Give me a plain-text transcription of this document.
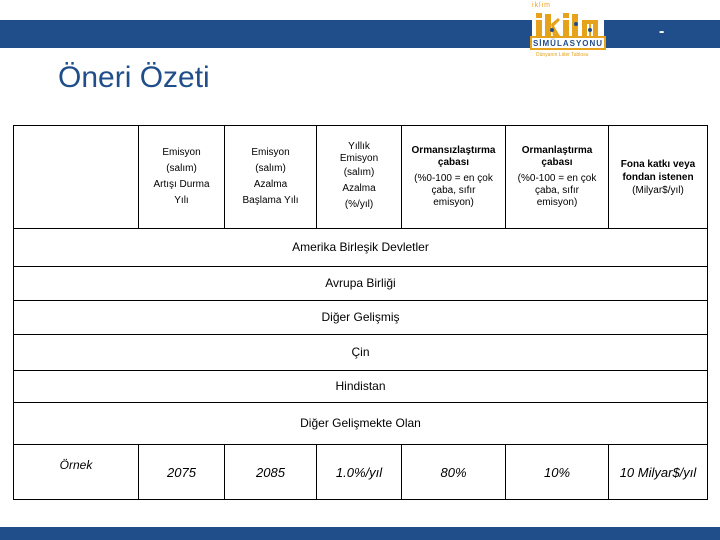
-
iklim
SİMÜLASYONU
Dünyanın Lider Tablosu
Öneri Özeti

	Emisyon
(salım)
Artışı Durma
Yılı	Emisyon
(salım)
Azalma
Başlama Yılı	Yıllık
Emisyon
(salım)
Azalma
(%/yıl)	Ormansızlaştırma
çabası
(%0-100 = en çok
çaba, sıfır
emisyon)	Ormanlaştırma
çabası
(%0-100 = en çok
çaba, sıfır
emisyon)	Fona katkı veya
fondan istenen
(Milyar$/yıl)

Amerika Birleşik Devletler						
Avrupa Birliği						
Diğer Gelişmiş						
Çin						
Hindistan						
Diğer Gelişmekte Olan						
Örnek	2075	2085	1.0%/yıl	80%	10%	10 Milyar$/yıl
